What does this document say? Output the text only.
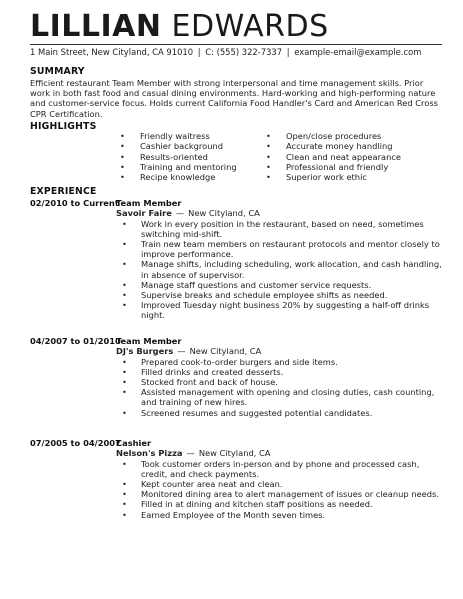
LILLIAN EDWARDS
1 Main Street, New Cityland, CA 91010 | C: (555) 322-7337 | example-email@example.com
SUMMARY
Efficient restaurant Team Member with strong interpersonal and time management skills. Prior work in both fast food and casual dining environments. Hard-working and high-performing nature and customer-service focus. Holds current California Food Handler's Card and American Red Cross CPR Certification.
HIGHLIGHTS
• Friendly waitress
• Cashier background
• Results-oriented
• Training and mentoring
• Recipe knowledge
• Open/close procedures
• Accurate money handling
• Clean and neat appearance
• Professional and friendly
• Superior work ethic
EXPERIENCE
02/2010 to Current
Team Member
Savoir Faire — New Cityland, CA
• Work in every position in the restaurant, based on need, sometimes switching mid-shift.
• Train new team members on restaurant protocols and mentor closely to improve performance.
• Manage shifts, including scheduling, work allocation, and cash handling, in absence of supervisor.
• Manage staff questions and customer service requests.
• Supervise breaks and schedule employee shifts as needed.
• Improved Tuesday night business 20% by suggesting a half-off drinks night.
04/2007 to 01/2010
Team Member
DJ's Burgers — New Cityland, CA
• Prepared cook-to-order burgers and side items.
• Filled drinks and created desserts.
• Stocked front and back of house.
• Assisted management with opening and closing duties, cash counting, and training of new hires.
• Screened resumes and suggested potential candidates.
07/2005 to 04/2007
Cashier
Nelson's Pizza — New Cityland, CA
• Took customer orders in-person and by phone and processed cash, credit, and check payments.
• Kept counter area neat and clean.
• Monitored dining area to alert management of issues or cleanup needs.
• Filled in at dining and kitchen staff positions as needed.
• Earned Employee of the Month seven times.
